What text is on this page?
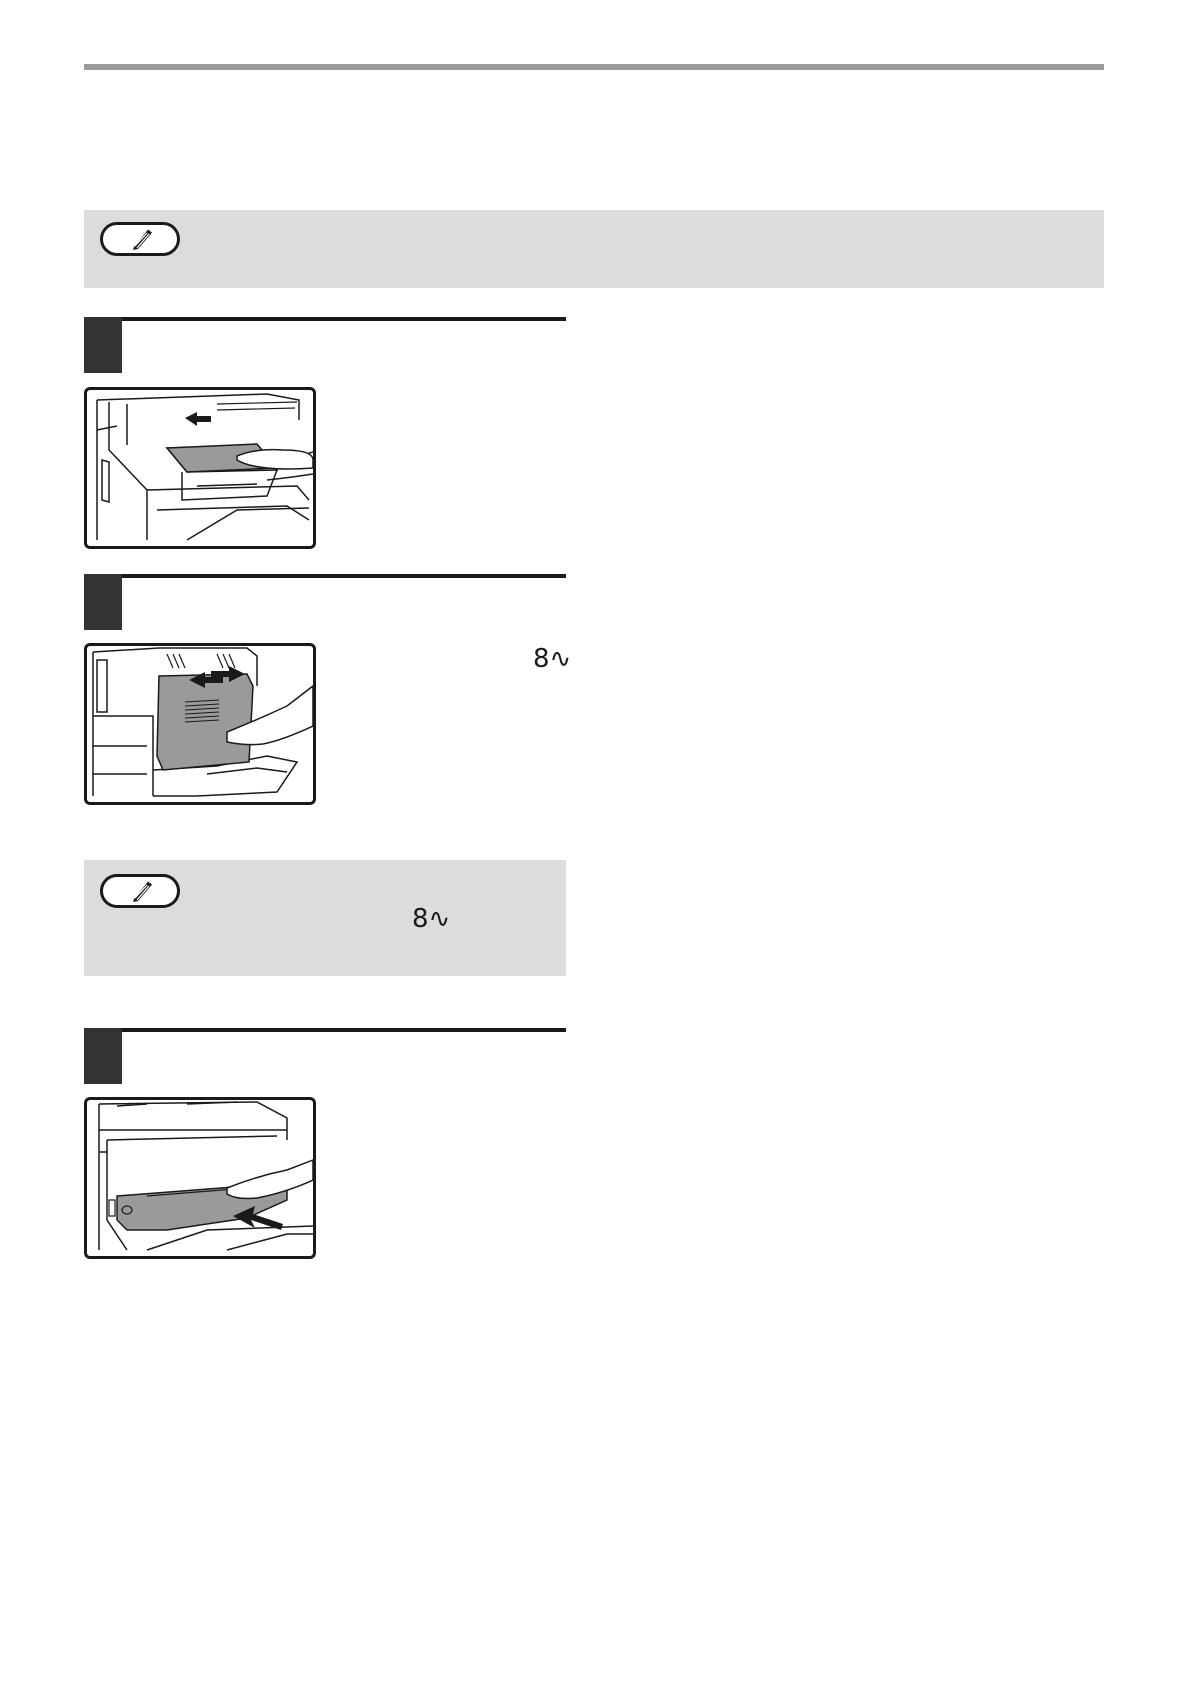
8∿
8∿
